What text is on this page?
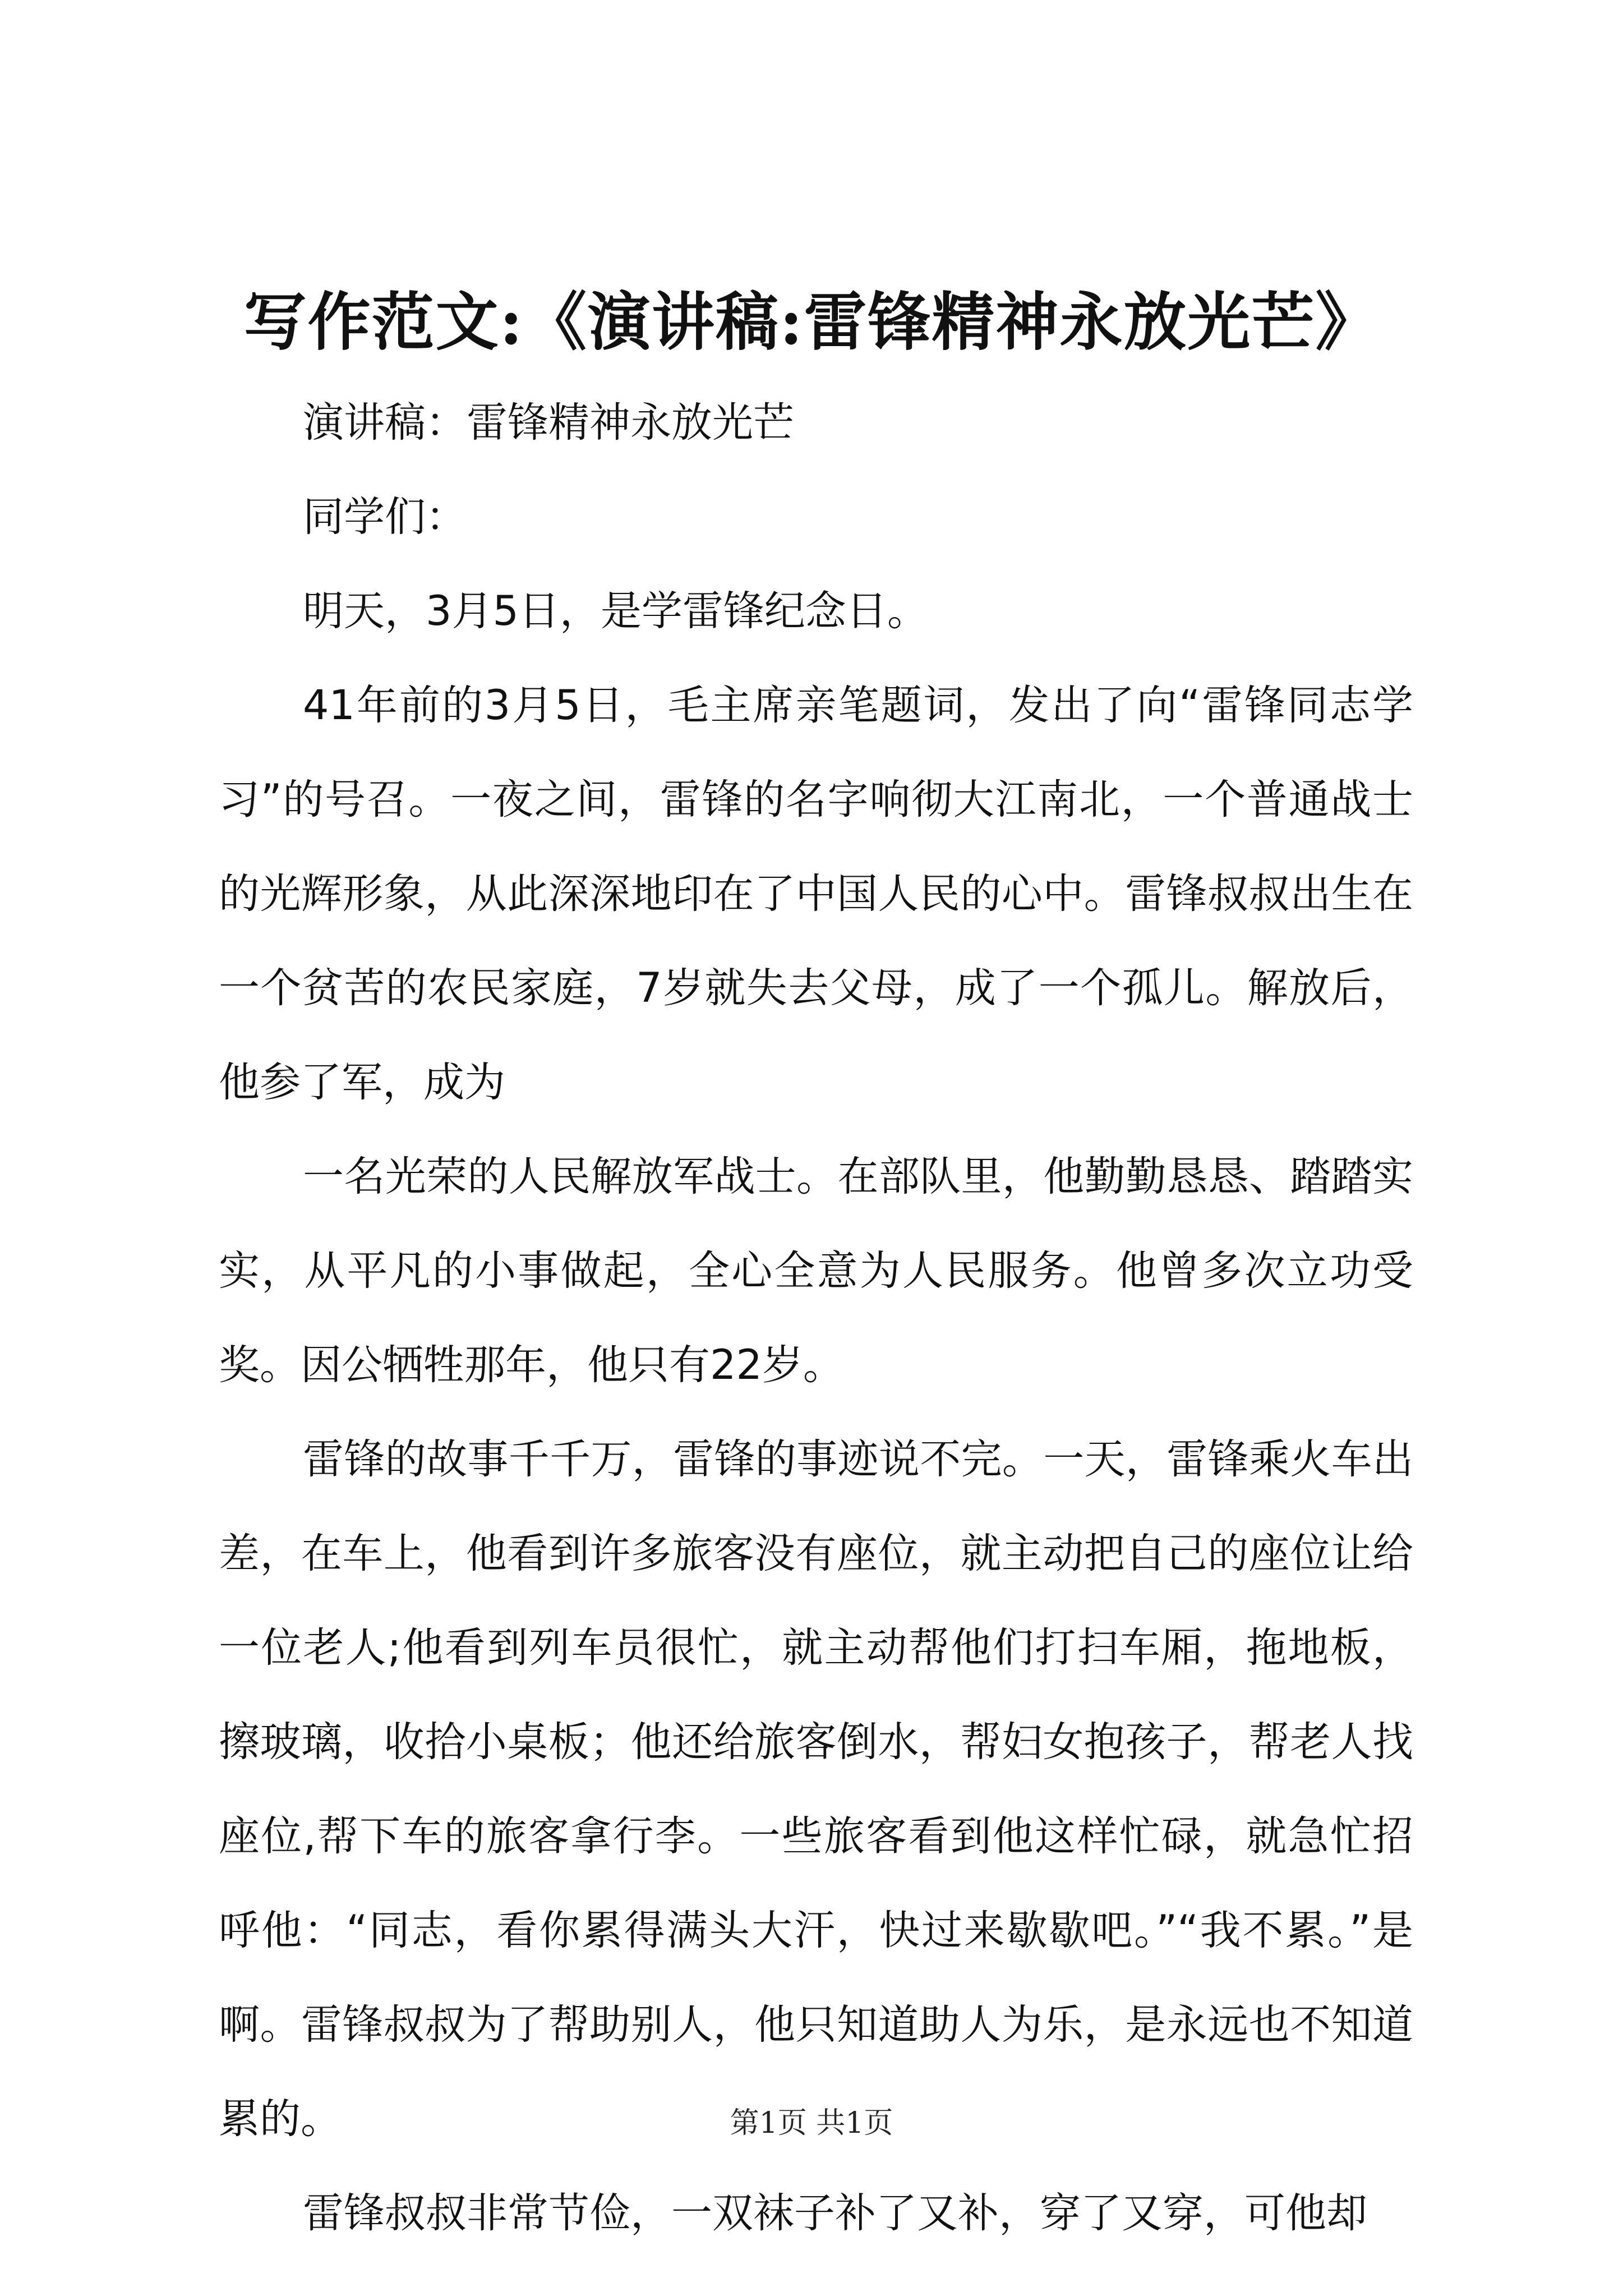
写作范文:《演讲稿:雷锋精神永放光芒》

演讲稿：雷锋精神永放光芒

同学们：

明天，3月5日，是学雷锋纪念日。

41年前的3月5日，毛主席亲笔题词，发出了向“雷锋同志学习”的号召。一夜之间，雷锋的名字响彻大江南北，一个普通战士的光辉形象，从此深深地印在了中国人民的心中。雷锋叔叔出生在一个贫苦的农民家庭，7岁就失去父母，成了一个孤儿。解放后，他参了军，成为

一名光荣的人民解放军战士。在部队里，他勤勤恳恳、踏踏实实，从平凡的小事做起，全心全意为人民服务。他曾多次立功受奖。因公牺牲那年，他只有22岁。

雷锋的故事千千万，雷锋的事迹说不完。一天，雷锋乘火车出差，在车上，他看到许多旅客没有座位，就主动把自己的座位让给一位老人;他看到列车员很忙，就主动帮他们打扫车厢，拖地板，擦玻璃，收拾小桌板；他还给旅客倒水，帮妇女抱孩子，帮老人找座位,帮下车的旅客拿行李。一些旅客看到他这样忙碌，就急忙招呼他：“同志，看你累得满头大汗，快过来歇歇吧。”“我不累。”是啊。雷锋叔叔为了帮助别人，他只知道助人为乐，是永远也不知道累的。

雷锋叔叔非常节俭，一双袜子补了又补，穿了又穿，可他却

第1页 共1页
